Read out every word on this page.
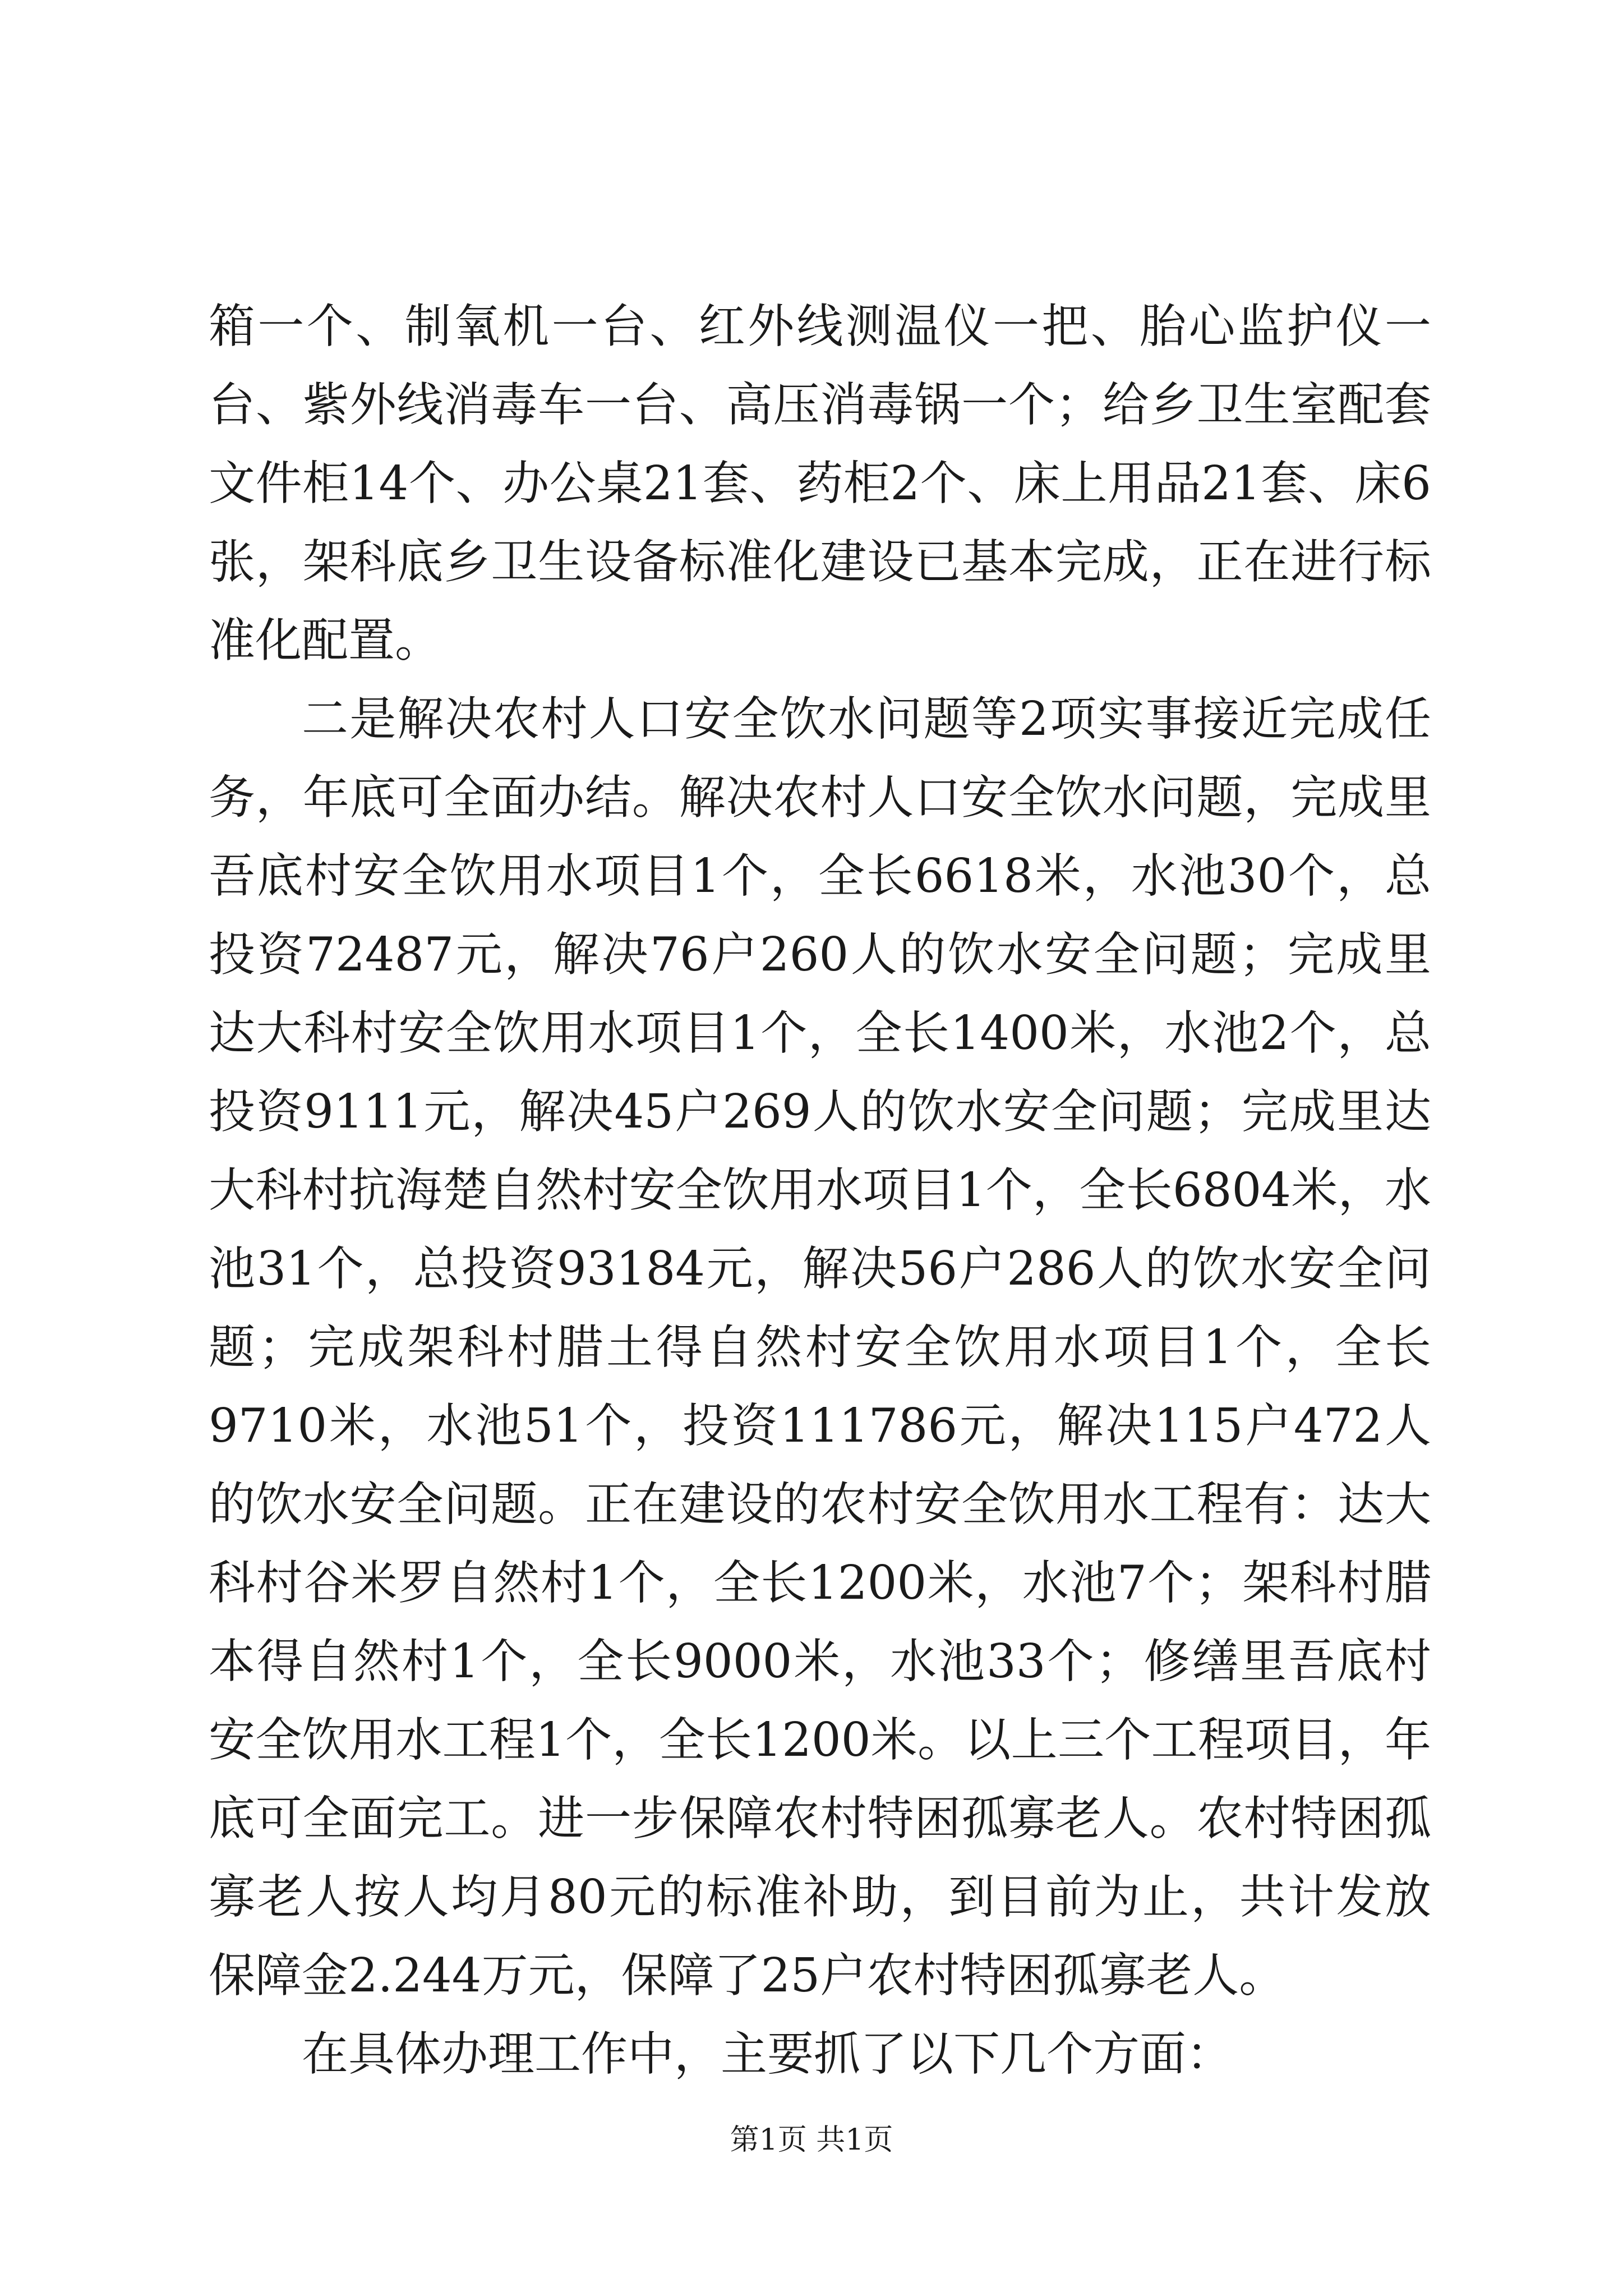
箱一个、制氧机一台、红外线测温仪一把、胎心监护仪一台、紫外线消毒车一台、高压消毒锅一个；给乡卫生室配套文件柜14个、办公桌21套、药柜2个、床上用品21套、床6张，架科底乡卫生设备标准化建设已基本完成，正在进行标准化配置。

二是解决农村人口安全饮水问题等2项实事接近完成任务，年底可全面办结。解决农村人口安全饮水问题，完成里吾底村安全饮用水项目1个，全长6618米，水池30个，总投资72487元，解决76户260人的饮水安全问题；完成里达大科村安全饮用水项目1个，全长1400米，水池2个，总投资9111元，解决45户269人的饮水安全问题；完成里达大科村抗海楚自然村安全饮用水项目1个，全长6804米，水池31个，总投资93184元，解决56户286人的饮水安全问题；完成架科村腊土得自然村安全饮用水项目1个，全长9710米，水池51个，投资111786元，解决115户472人的饮水安全问题。正在建设的农村安全饮用水工程有：达大科村谷米罗自然村1个，全长1200米，水池7个；架科村腊本得自然村1个，全长9000米，水池33个；修缮里吾底村安全饮用水工程1个，全长1200米。以上三个工程项目，年底可全面完工。进一步保障农村特困孤寡老人。农村特困孤寡老人按人均月80元的标准补助，到目前为止，共计发放保障金2.244万元，保障了25户农村特困孤寡老人。

在具体办理工作中，主要抓了以下几个方面：

第1页 共1页
